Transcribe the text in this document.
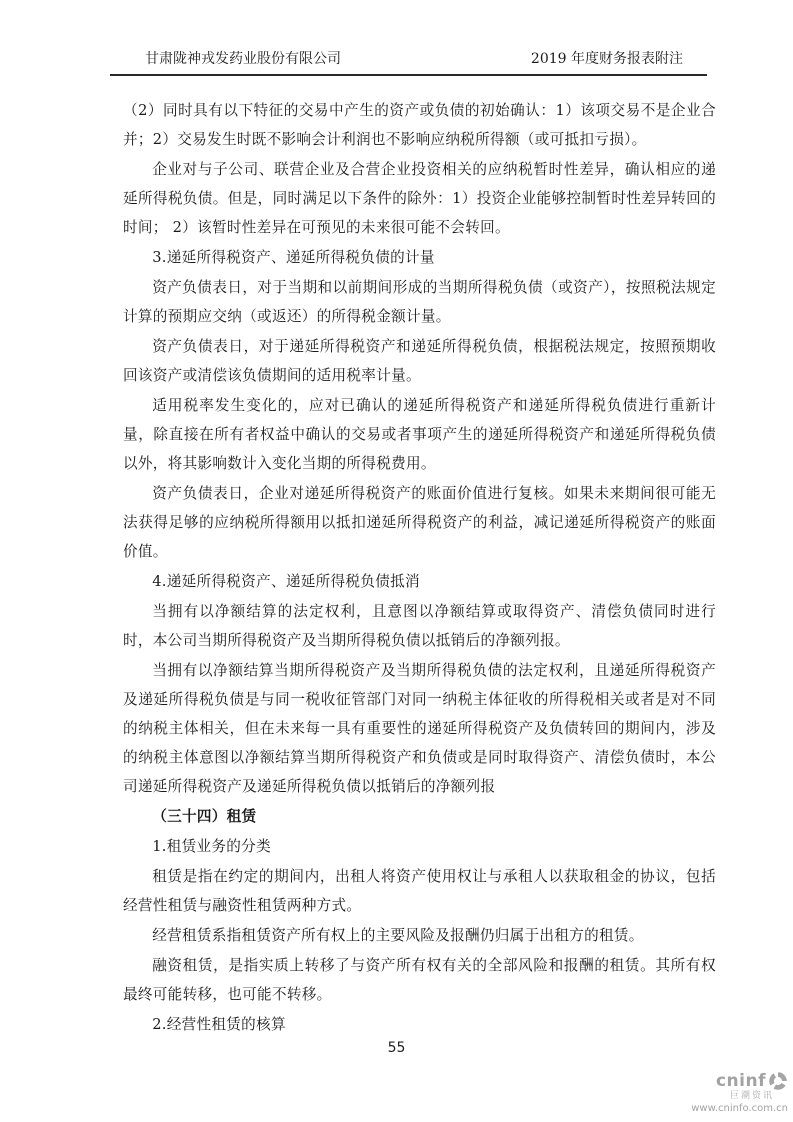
甘肃陇神戎发药业股份有限公司	2019 年度财务报表附注

（2）同时具有以下特征的交易中产生的资产或负债的初始确认：1）该项交易不是企业合并；2）交易发生时既不影响会计利润也不影响应纳税所得额（或可抵扣亏损）。

企业对与子公司、联营企业及合营企业投资相关的应纳税暂时性差异，确认相应的递延所得税负债。但是，同时满足以下条件的除外：1）投资企业能够控制暂时性差异转回的时间； 2）该暂时性差异在可预见的未来很可能不会转回。

3.递延所得税资产、递延所得税负债的计量

资产负债表日，对于当期和以前期间形成的当期所得税负债（或资产），按照税法规定计算的预期应交纳（或返还）的所得税金额计量。

资产负债表日，对于递延所得税资产和递延所得税负债，根据税法规定，按照预期收回该资产或清偿该负债期间的适用税率计量。

适用税率发生变化的，应对已确认的递延所得税资产和递延所得税负债进行重新计量，除直接在所有者权益中确认的交易或者事项产生的递延所得税资产和递延所得税负债以外，将其影响数计入变化当期的所得税费用。

资产负债表日，企业对递延所得税资产的账面价值进行复核。如果未来期间很可能无法获得足够的应纳税所得额用以抵扣递延所得税资产的利益，减记递延所得税资产的账面价值。

4.递延所得税资产、递延所得税负债抵消

当拥有以净额结算的法定权利，且意图以净额结算或取得资产、清偿负债同时进行时，本公司当期所得税资产及当期所得税负债以抵销后的净额列报。

当拥有以净额结算当期所得税资产及当期所得税负债的法定权利，且递延所得税资产及递延所得税负债是与同一税收征管部门对同一纳税主体征收的所得税相关或者是对不同的纳税主体相关，但在未来每一具有重要性的递延所得税资产及负债转回的期间内，涉及的纳税主体意图以净额结算当期所得税资产和负债或是同时取得资产、清偿负债时，本公司递延所得税资产及递延所得税负债以抵销后的净额列报

（三十四）租赁

1.租赁业务的分类

租赁是指在约定的期间内，出租人将资产使用权让与承租人以获取租金的协议，包括经营性租赁与融资性租赁两种方式。

经营租赁系指租赁资产所有权上的主要风险及报酬仍归属于出租方的租赁。

融资租赁，是指实质上转移了与资产所有权有关的全部风险和报酬的租赁。其所有权最终可能转移，也可能不转移。

2.经营性租赁的核算

55
cninf
巨潮资讯
www.cninfo.com.cn
